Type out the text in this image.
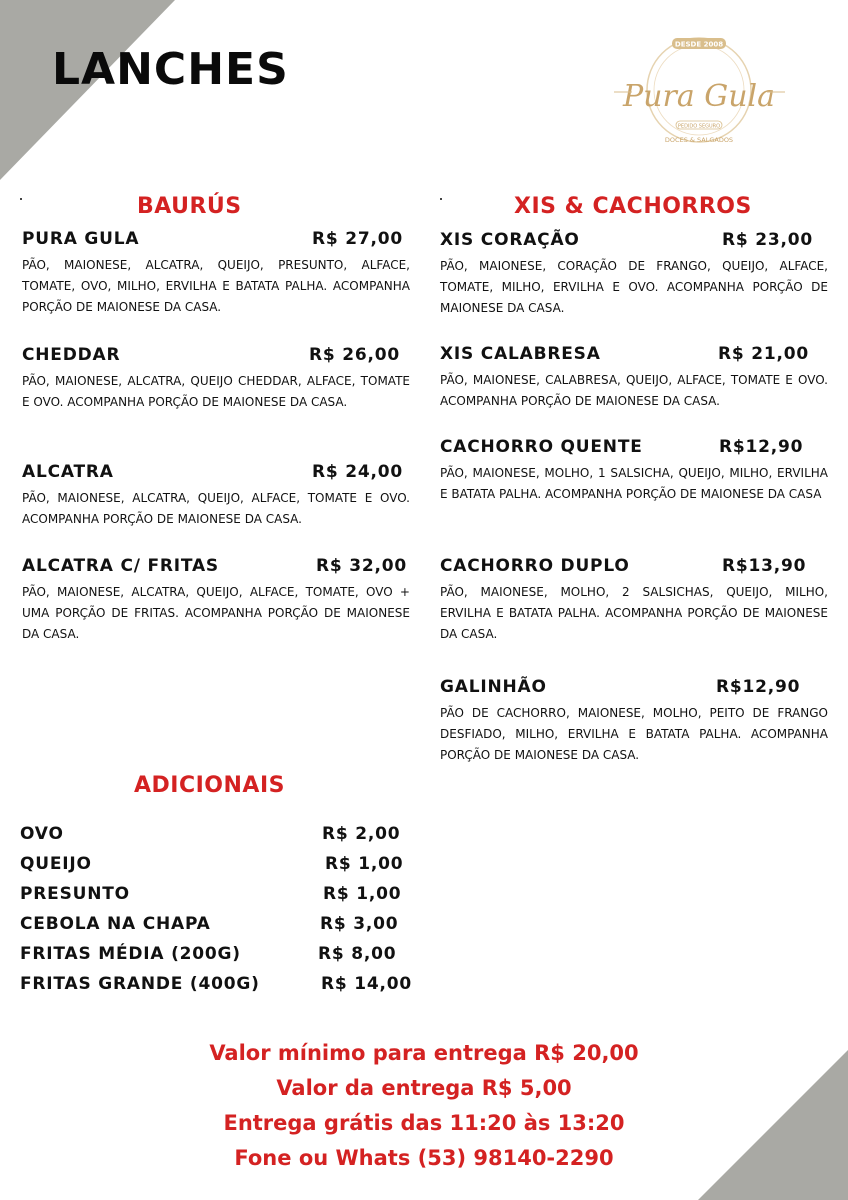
LANCHES	DESDE 2008
Pura Gula
PEDIDO SEGURO
DOCES & SALGADOS
BAURÚS	XIS & CACHORROS
PURA GULA	R$ 27,00
PÃO, MAIONESE, ALCATRA, QUEIJO, PRESUNTO, ALFACE, TOMATE, OVO, MILHO, ERVILHA E BATATA PALHA. ACOMPANHA PORÇÃO DE MAIONESE DA CASA.
CHEDDAR	R$ 26,00
PÃO, MAIONESE, ALCATRA, QUEIJO CHEDDAR, ALFACE, TOMATE E OVO. ACOMPANHA PORÇÃO DE MAIONESE DA CASA.
ALCATRA	R$ 24,00
PÃO, MAIONESE, ALCATRA, QUEIJO, ALFACE, TOMATE E OVO. ACOMPANHA PORÇÃO DE MAIONESE DA CASA.
ALCATRA C/ FRITAS	R$ 32,00
PÃO, MAIONESE, ALCATRA, QUEIJO, ALFACE, TOMATE, OVO + UMA PORÇÃO DE FRITAS. ACOMPANHA PORÇÃO DE MAIONESE DA CASA.
XIS CORAÇÃO	R$ 23,00
PÃO, MAIONESE, CORAÇÃO DE FRANGO, QUEIJO, ALFACE, TOMATE, MILHO, ERVILHA E OVO. ACOMPANHA PORÇÃO DE MAIONESE DA CASA.
XIS CALABRESA	R$ 21,00
PÃO, MAIONESE, CALABRESA, QUEIJO, ALFACE, TOMATE E OVO. ACOMPANHA PORÇÃO DE MAIONESE DA CASA.
CACHORRO QUENTE	R$12,90
PÃO, MAIONESE, MOLHO, 1 SALSICHA, QUEIJO, MILHO, ERVILHA E BATATA PALHA. ACOMPANHA PORÇÃO DE MAIONESE DA CASA
CACHORRO DUPLO	R$13,90
PÃO, MAIONESE, MOLHO, 2 SALSICHAS, QUEIJO, MILHO, ERVILHA E BATATA PALHA. ACOMPANHA PORÇÃO DE MAIONESE DA CASA.
GALINHÃO	R$12,90
PÃO DE CACHORRO, MAIONESE, MOLHO, PEITO DE FRANGO DESFIADO, MILHO, ERVILHA E BATATA PALHA. ACOMPANHA PORÇÃO DE MAIONESE DA CASA.
ADICIONAIS
OVO	R$ 2,00
QUEIJO	R$ 1,00
PRESUNTO	R$ 1,00
CEBOLA NA CHAPA	R$ 3,00
FRITAS MÉDIA (200G)	R$ 8,00
FRITAS GRANDE (400G)	R$ 14,00
Valor mínimo para entrega R$ 20,00
Valor da entrega R$ 5,00
Entrega grátis das 11:20 às 13:20
Fone ou Whats (53) 98140-2290
